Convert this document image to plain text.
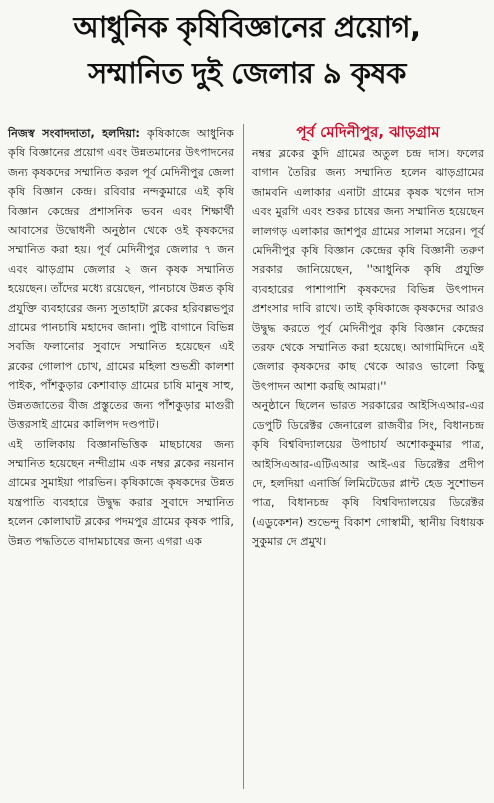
আধুনিক কৃষিবিজ্ঞানের প্রয়োগ,
সম্মানিত দুই জেলার ৯ কৃষক

নিজস্ব সংবাদদাতা, হলদিয়া: কৃষিকাজে আধুনিক কৃষি বিজ্ঞানের প্রয়োগ এবং উন্নতমানের উৎপাদনের জন্য কৃষকদের সম্মানিত করল পূর্ব মেদিনীপুর জেলা কৃষি বিজ্ঞান কেন্দ্র। রবিবার নন্দকুমারে এই কৃষি বিজ্ঞান কেন্দ্রের প্রশাসনিক ভবন এবং শিক্ষার্থী আবাসের উদ্বোধনী অনুষ্ঠান থেকে ওই কৃষকদের সম্মানিত করা হয়। পূর্ব মেদিনীপুর জেলার ৭ জন এবং ঝাড়গ্রাম জেলার ২ জন কৃষক সম্মানিত হয়েছেন। তাঁদের মধ্যে রয়েছেন, পানচাষে উন্নত কৃষি প্রযুক্তি ব্যবহারের জন্য সুতাহাটা ব্লকের হরিবল্লভপুর গ্রামের পানচাষি মহাদেব জানা। পুষ্টি বাগানে বিভিন্ন সবজি ফলানোর সুবাদে সম্মানিত হয়েছেন এই ব্লকের গোলাপ চোখ, গ্রামের মহিলা শুভশ্রী কালশা পাইক, পাঁশকুড়ার কেশাবাড় গ্রামের চাষি মানুষ সাহু, উন্নতজাতের বীজ প্রস্তুতের জন্য পাঁশকুড়ার মাগুরী উত্তরসাই গ্রামের কালিপদ দণ্ডপাট।

এই তালিকায় বিজ্ঞানভিত্তিক মাছচাষের জন্য সম্মানিত হয়েছেন নন্দীগ্রাম এক নম্বর ব্লকের নয়নান গ্রামের সুমাইয়া পারভিন। কৃষিকাজে কৃষকদের উন্নত যন্ত্রপাতি ব্যবহারে উদ্বুদ্ধ করার সুবাদে সম্মানিত হলেন কোলাঘাট ব্লকের পদমপুর গ্রামের কৃষক পারি, উন্নত পদ্ধতিতে বাদামচাষের জন্য এগরা এক

পূর্ব মেদিনীপুর, ঝাড়গ্রাম

নম্বর ব্লকের কুদি গ্রামের অতুল চন্দ্র দাস। ফলের বাগান তৈরির জন্য সম্মানিত হলেন ঝাড়গ্রামের জামবনি এলাকার এনাটা গ্রামের কৃষক খগেন দাস এবং মুরগি এবং শুকর চাষের জন্য সম্মানিত হয়েছেন লালগড় এলাকার জাশপুর গ্রামের সালমা সরেন। পূর্ব মেদিনীপুর কৃষি বিজ্ঞান কেন্দ্রের কৃষি বিজ্ঞানী তরুণ সরকার জানিয়েছেন, ''আধুনিক কৃষি প্রযুক্তি ব্যবহারের পাশাপাশি কৃষকদের বিভিন্ন উৎপাদন প্রশংসার দাবি রাখে। তাই কৃষিকাজে কৃষকদের আরও উদ্বুদ্ধ করতে পূর্ব মেদিনীপুর কৃষি বিজ্ঞান কেন্দ্রের তরফ থেকে সম্মানিত করা হয়েছে। আগামিদিনে এই জেলার কৃষকদের কাছ থেকে আরও ভালো কিছু উৎপাদন আশা করছি আমরা।''

অনুষ্ঠানে ছিলেন ভারত সরকারের আইসিএআর-এর ডেপুটি ডিরেক্টর জেনারেল রাজবীর সিং, বিধানচন্দ্র কৃষি বিশ্ববিদ্যালয়ের উপাচার্য অশোককুমার পাত্র, আইসিএআর-এটিএআর আই-এর ডিরেক্টর প্রদীপ দে, হলদিয়া এনার্জি লিমিটেডের প্লান্ট হেড সুশোভন পাত্র, বিধানচন্দ্র কৃষি বিশ্ববিদ্যালয়ের ডিরেক্টর (এডুকেশন) শুভেন্দু বিকাশ গোস্বামী, স্থানীয় বিধায়ক সুকুমার দে প্রমুখ।
